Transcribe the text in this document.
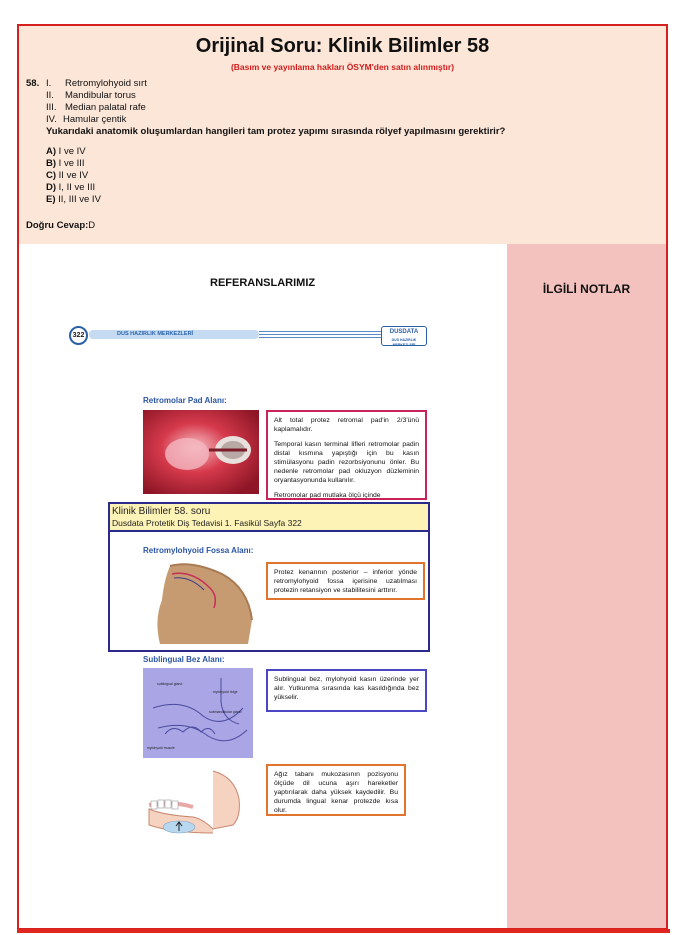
Orijinal Soru: Klinik Bilimler 58
(Basım ve yayınlama hakları ÖSYM'den satın alınmıştır)
58. I. Retromylohyoid sırt
II. Mandibular torus
III. Median palatal rafe
IV. Hamular çentik
Yukarıdaki anatomik oluşumlardan hangileri tam protez yapımı sırasında rölyef yapılmasını gerektirir?
A) I ve IV
B) I ve III
C) II ve IV
D) I, II ve III
E) II, III ve IV
Doğru Cevap:D
REFERANSLARIMIZ
322	DUS HAZIRLIK MERKEZLERİ	DUSDATA
DUS HAZIRLIK MERKEZLERİ
Retromolar Pad Alanı:

Alt total protez retromal pad'in 2/3'ünü kaplamalıdır.

Temporal kasın terminal lifleri retromolar padin distal kısmına yapıştığı için bu kasın stimülasyonu padin rezorbsiyonunu önler. Bu nedenle retromolar pad okluzyon düzleminin oryantasyonunda kullanılır.

Retromolar pad mutlaka ölçü içinde

Sublingual Bez Alanı:
sublingual gland
mylohyoid ridge
submandibular gland
mylohyoid muscle

Sublingual bez, mylohyoid kasın üzerinde yer alır. Yutkunma sırasında kas kasıldığında bez yükselir.

Ağız tabanı mukozasının pozisyonu ölçüde dil ucuna aşırı hareketler yaptırılarak daha yüksek kaydedilir. Bu durumda lingual kenar protezde kısa olur.

Klinik Bilimler 58. soru
Dusdata Protetik Diş Tedavisi 1. Fasikül Sayfa 322
Retromylohyoid Fossa Alanı:

Protez kenarının posterior – inferior yönde retromylohyoid fossa içerisine uzatılması protezin retansiyon ve stabilitesini arttırır.

İLGİLİ NOTLAR
